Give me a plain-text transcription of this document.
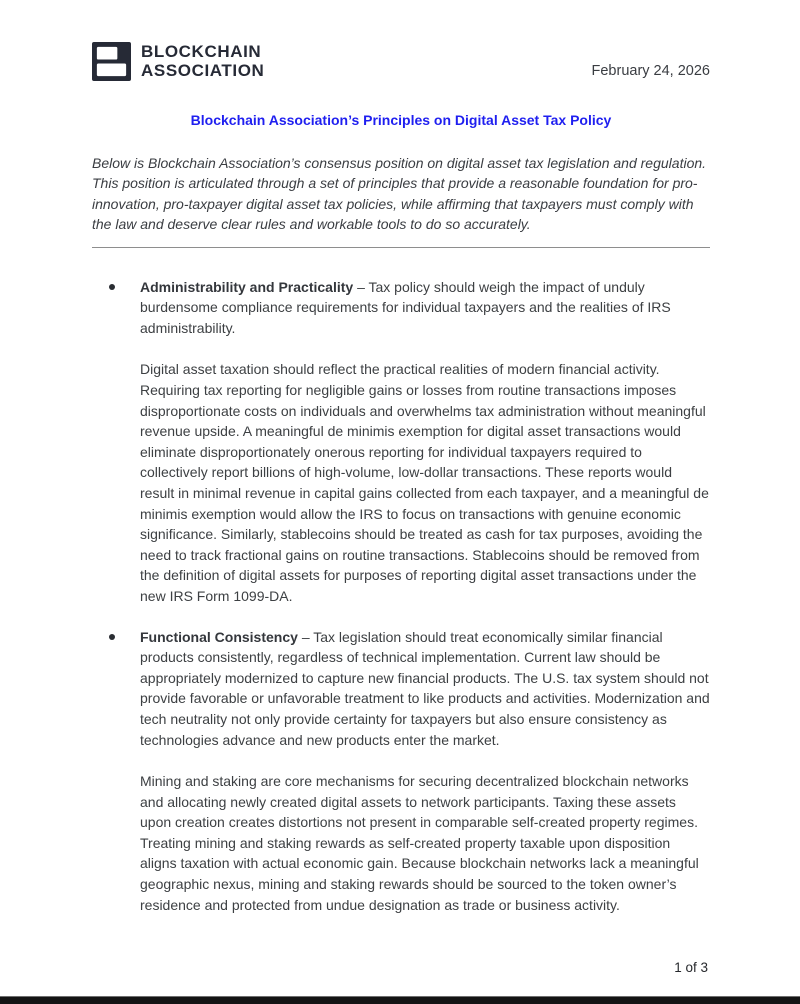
BLOCKCHAIN
ASSOCIATION	February 24, 2026
Blockchain Association’s Principles on Digital Asset Tax Policy

Below is Blockchain Association’s consensus position on digital asset tax legislation and regulation. This position is articulated through a set of principles that provide a reasonable foundation for pro-innovation, pro-taxpayer digital asset tax policies, while affirming that taxpayers must comply with the law and deserve clear rules and workable tools to do so accurately.

Administrability and Practicality – Tax policy should weigh the impact of unduly burdensome compliance requirements for individual taxpayers and the realities of IRS administrability.

Digital asset taxation should reflect the practical realities of modern financial activity. Requiring tax reporting for negligible gains or losses from routine transactions imposes disproportionate costs on individuals and overwhelms tax administration without meaningful revenue upside. A meaningful de minimis exemption for digital asset transactions would eliminate disproportionately onerous reporting for individual taxpayers required to collectively report billions of high-volume, low-dollar transactions. These reports would result in minimal revenue in capital gains collected from each taxpayer, and a meaningful de minimis exemption would allow the IRS to focus on transactions with genuine economic significance. Similarly, stablecoins should be treated as cash for tax purposes, avoiding the need to track fractional gains on routine transactions. Stablecoins should be removed from the definition of digital assets for purposes of reporting digital asset transactions under the new IRS Form 1099-DA.

Functional Consistency – Tax legislation should treat economically similar financial products consistently, regardless of technical implementation. Current law should be appropriately modernized to capture new financial products. The U.S. tax system should not provide favorable or unfavorable treatment to like products and activities. Modernization and tech neutrality not only provide certainty for taxpayers but also ensure consistency as technologies advance and new products enter the market.

Mining and staking are core mechanisms for securing decentralized blockchain networks and allocating newly created digital assets to network participants. Taxing these assets upon creation creates distortions not present in comparable self-created property regimes. Treating mining and staking rewards as self-created property taxable upon disposition aligns taxation with actual economic gain. Because blockchain networks lack a meaningful geographic nexus, mining and staking rewards should be sourced to the token owner’s residence and protected from undue designation as trade or business activity.

1 of 3
